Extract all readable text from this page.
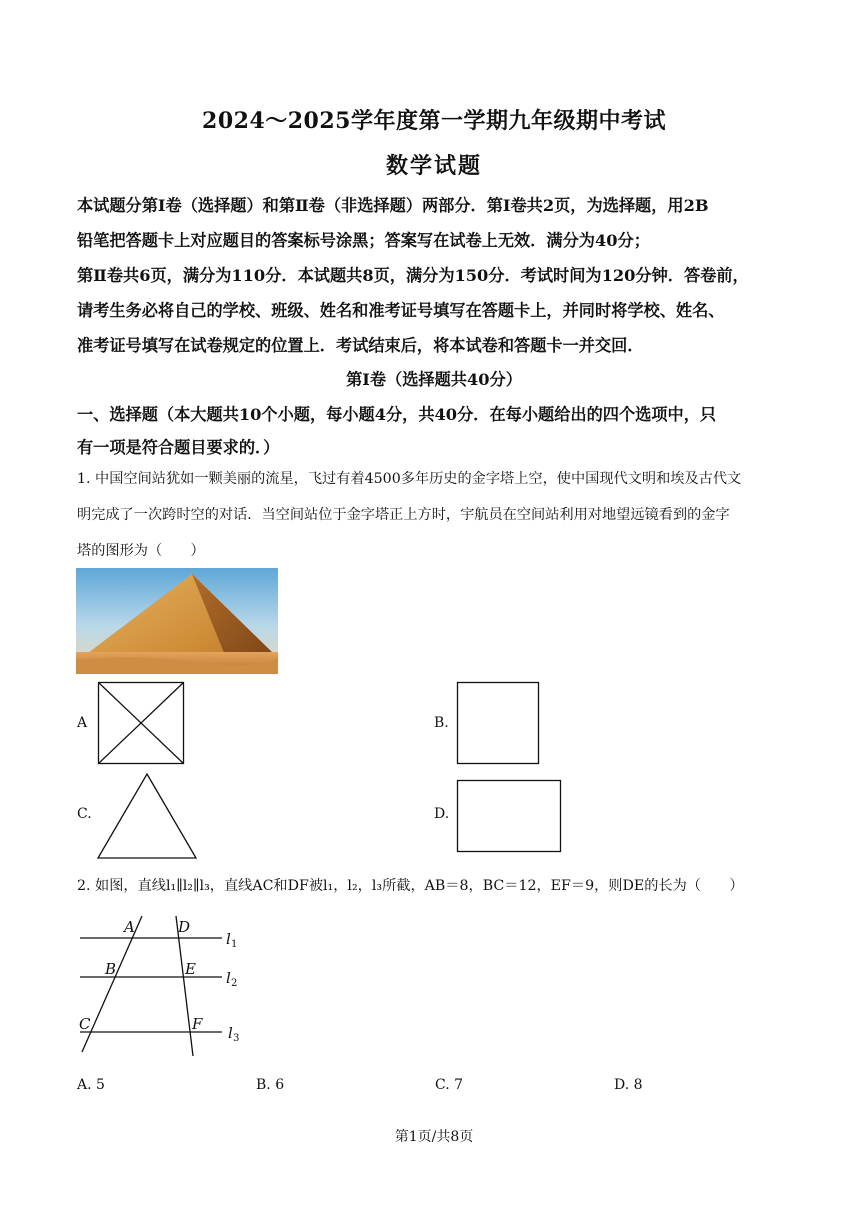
2024～2025学年度第一学期九年级期中考试
数学试题
本试题分第Ⅰ卷（选择题）和第Ⅱ卷（非选择题）两部分．第Ⅰ卷共2页，为选择题，用2B
铅笔把答题卡上对应题目的答案标号涂黑；答案写在试卷上无效．满分为40分；
第Ⅱ卷共6页，满分为110分．本试题共8页，满分为150分．考试时间为120分钟．答卷前，
请考生务必将自己的学校、班级、姓名和准考证号填写在答题卡上，并同时将学校、姓名、
准考证号填写在试卷规定的位置上．考试结束后，将本试卷和答题卡一并交回．
第Ⅰ卷（选择题共40分）
一、选择题（本大题共10个小题，每小题4分，共40分．在每小题给出的四个选项中，只
有一项是符合题目要求的．）
1. 中国空间站犹如一颗美丽的流星，飞过有着4500多年历史的金字塔上空，使中国现代文明和埃及古代文
明完成了一次跨时空的对话．当空间站位于金字塔正上方时，宇航员在空间站利用对地望远镜看到的金字
塔的图形为（　　）
A	B.
C.	D.
2. 如图，直线l₁∥l₂∥l₃，直线AC和DF被l₁，l₂，l₃所截，AB＝8，BC＝12，EF＝9，则DE的长为（　　）
A	D
B	E
C	F
l 1
l 2
l 3
A. 5	B. 6	C. 7	D. 8
第1页/共8页
